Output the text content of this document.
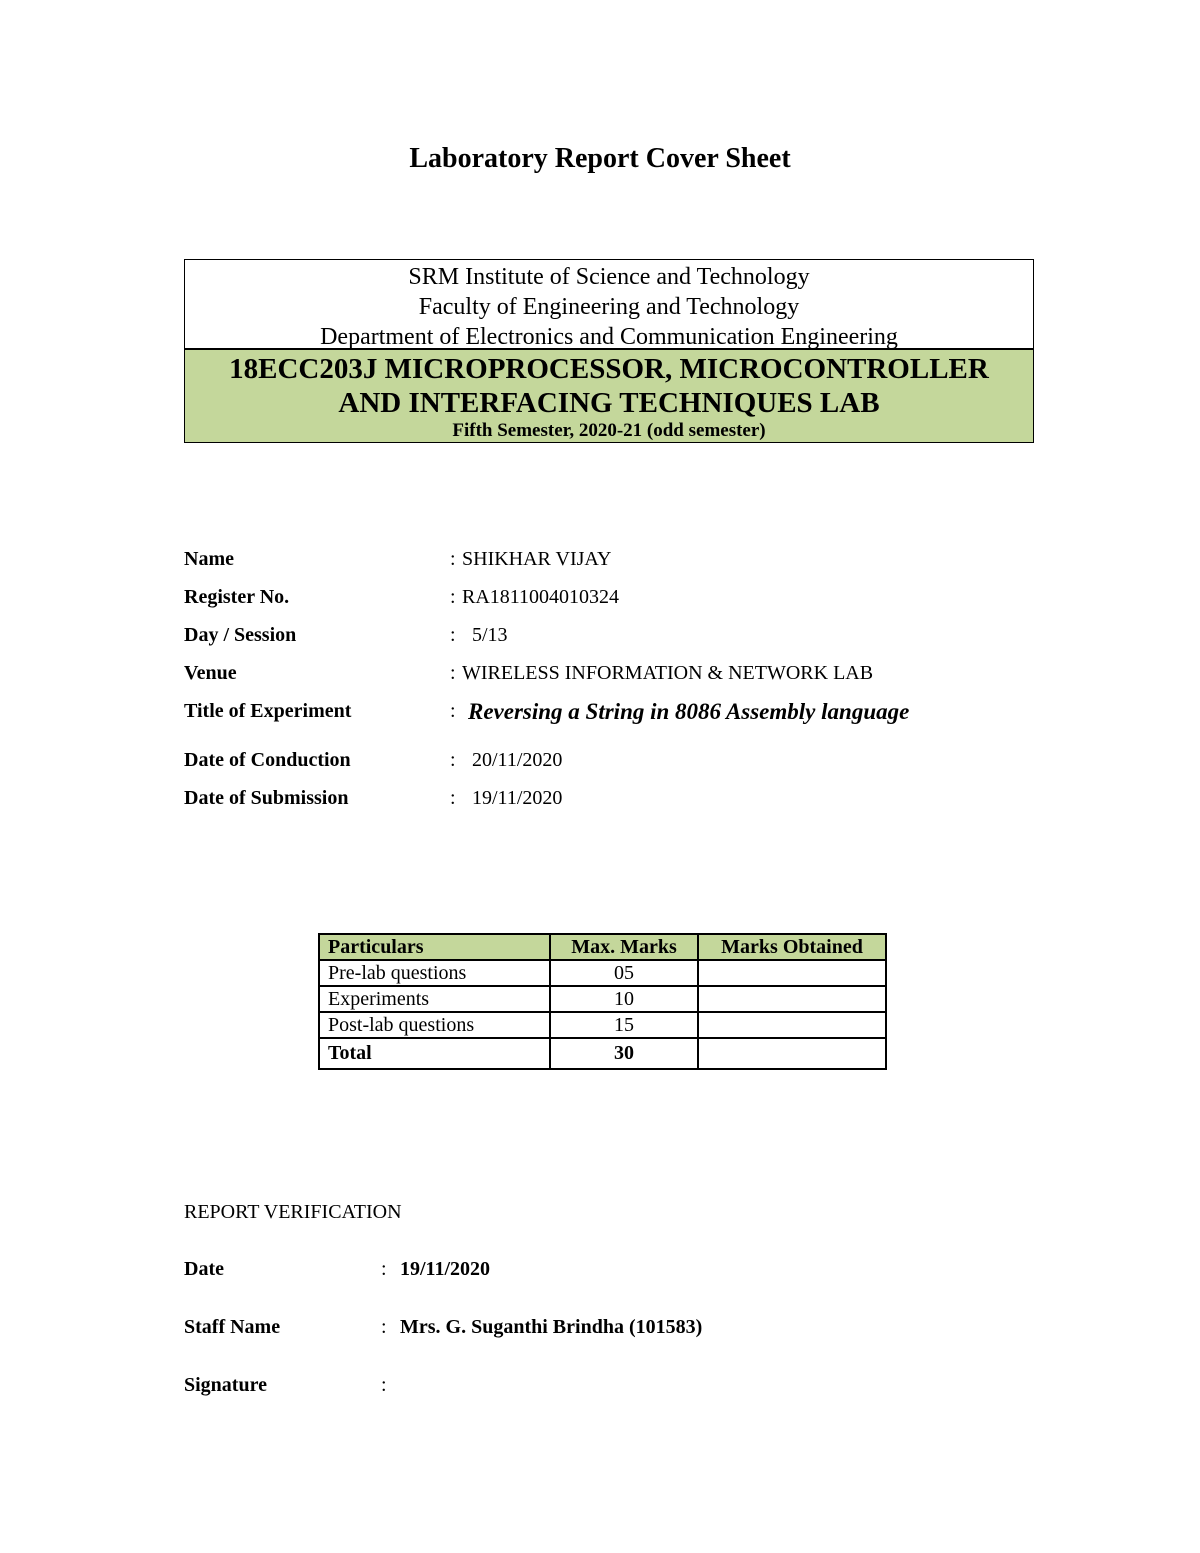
Laboratory Report Cover Sheet
SRM Institute of Science and Technology
Faculty of Engineering and Technology
Department of Electronics and Communication Engineering
18ECC203J MICROPROCESSOR, MICROCONTROLLER
AND INTERFACING TECHNIQUES LAB
Fifth Semester, 2020-21 (odd semester)
Name	: SHIKHAR VIJAY
Register No.	: RA1811004010324
Day / Session	: 5/13
Venue	: WIRELESS INFORMATION & NETWORK LAB
Title of Experiment	: Reversing a String in 8086 Assembly language
Date of Conduction	: 20/11/2020
Date of Submission	: 19/11/2020
Particulars	Max. Marks	Marks Obtained
Pre-lab questions	05	
Experiments	10	
Post-lab questions	15	
Total	30	
REPORT VERIFICATION
Date	: 19/11/2020
Staff Name	: Mrs. G. Suganthi Brindha (101583)
Signature	:
